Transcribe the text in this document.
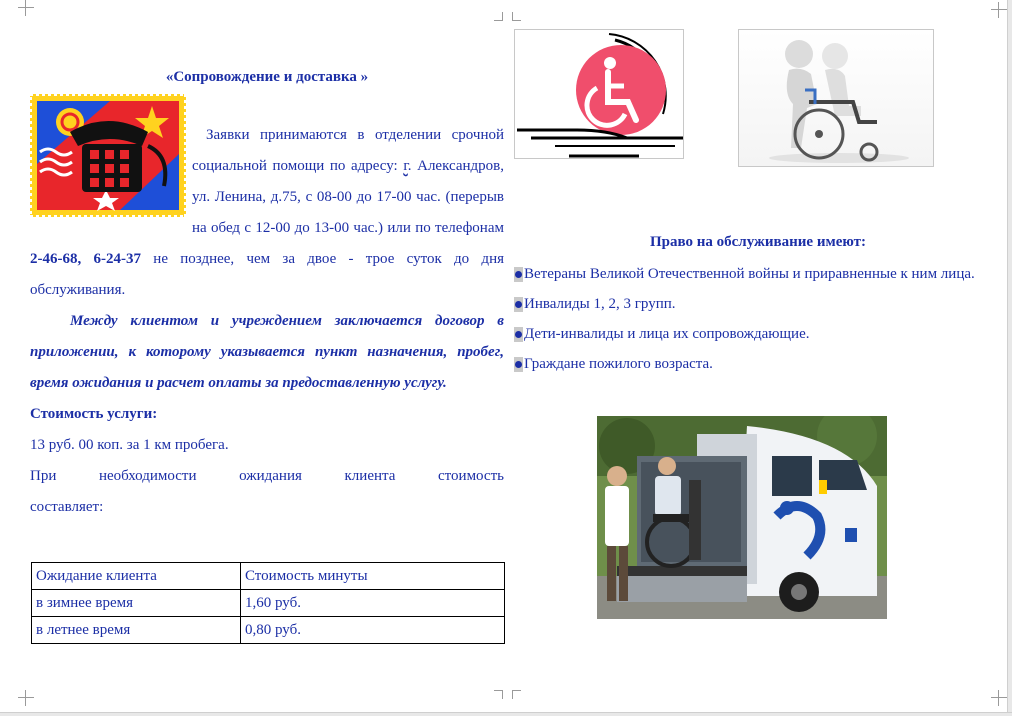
«Сопровождение и доставка »
Заявки принимаются в отделении срочной социальной помощи по адресу: г. Александров, ул. Ленина, д.75, с 08-00 до 17-00 час. (перерыв на обед с 12-00 до 13-00 час.) или по телефонам 2-46-68, 6-24-37 не позднее, чем за двое - трое суток до дня обслуживания.
Между клиентом и учреждением заключается договор в приложении, к которому указывается пункт назначения, пробег, время ожидания и расчет оплаты за предоставленную услугу.
Стоимость услуги:
13 руб. 00 коп. за 1 км пробега.
При необходимости ожидания клиента стоимость
составляет:
Ожидание клиента	Стоимость минуты
в зимнее время	1,60 руб.
в летнее время	0,80 руб.
Право на обслуживание имеют:
Ветераны Великой Отечественной войны и приравненные к ним лица.
Инвалиды 1, 2, 3 групп.
Дети-инвалиды и лица их сопровождающие.
Граждане пожилого возраста.
